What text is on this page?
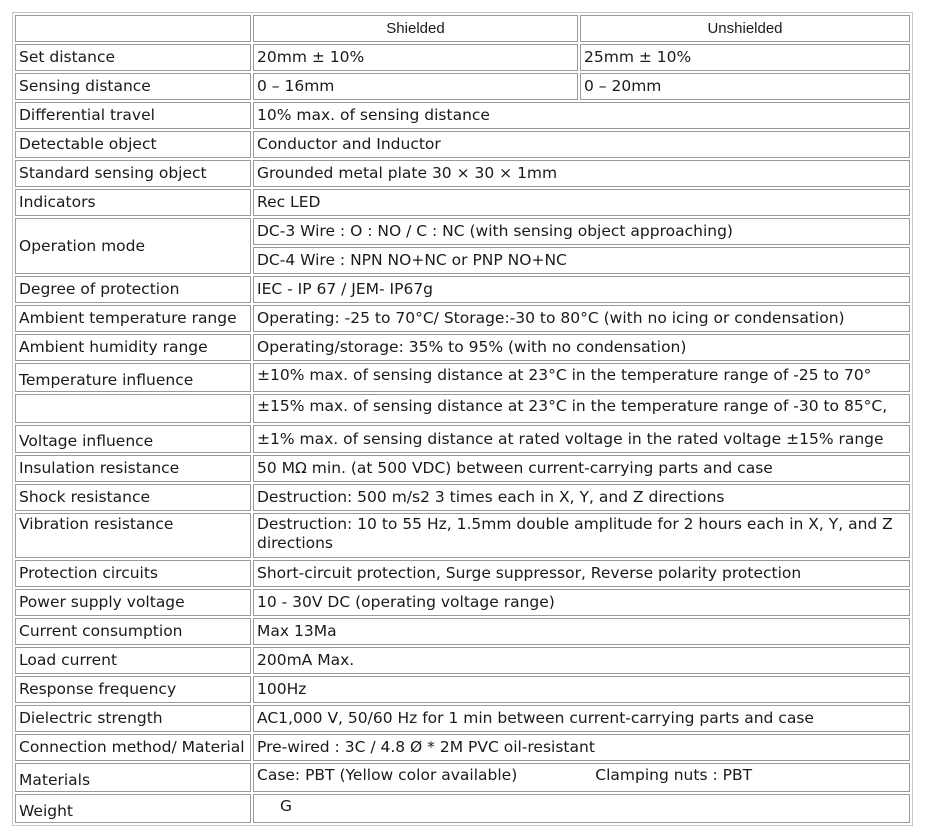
	Shielded	Unshielded
Set distance	20mm ± 10%	25mm ± 10%
Sensing distance	0 – 16mm	0 – 20mm
Differential travel	10% max. of sensing distance	
Detectable object	Conductor and Inductor	
Standard sensing object	Grounded metal plate 30 × 30 × 1mm	
Indicators	Rec LED	
Operation mode	DC-3 Wire : O : NO / C : NC (with sensing object approaching)	
	DC-4 Wire : NPN NO+NC or PNP NO+NC	
Degree of protection	IEC - IP 67 / JEM- IP67g	
Ambient temperature range	Operating: -25 to 70°C/ Storage:-30 to 80°C (with no icing or condensation)	
Ambient humidity range	Operating/storage: 35% to 95% (with no condensation)	
Temperature influence	±10% max. of sensing distance at 23°C in the temperature range of -25 to 70°	
	±15% max. of sensing distance at 23°C in the temperature range of -30 to 85°C,	
Voltage influence	±1% max. of sensing distance at rated voltage in the rated voltage ±15% range	
Insulation resistance	50 MΩ min. (at 500 VDC) between current-carrying parts and case	
Shock resistance	Destruction: 500 m/s2 3 times each in X, Y, and Z directions	
Vibration resistance	Destruction: 10 to 55 Hz, 1.5mm double amplitude for 2 hours each in X, Y, and Z directions	
Protection circuits	Short-circuit protection, Surge suppressor, Reverse polarity protection	
Power supply voltage	10 - 30V DC (operating voltage range)	
Current consumption	Max 13Ma	
Load current	200mA Max.	
Response frequency	100Hz	
Dielectric strength	AC1,000 V, 50/60 Hz for 1 min between current-carrying parts and case	
Connection method/ Material	Pre-wired : 3C / 4.8 Ø * 2M PVC oil-resistant	
Materials	Case: PBT (Yellow color available) Clamping nuts : PBT	
Weight	G	
